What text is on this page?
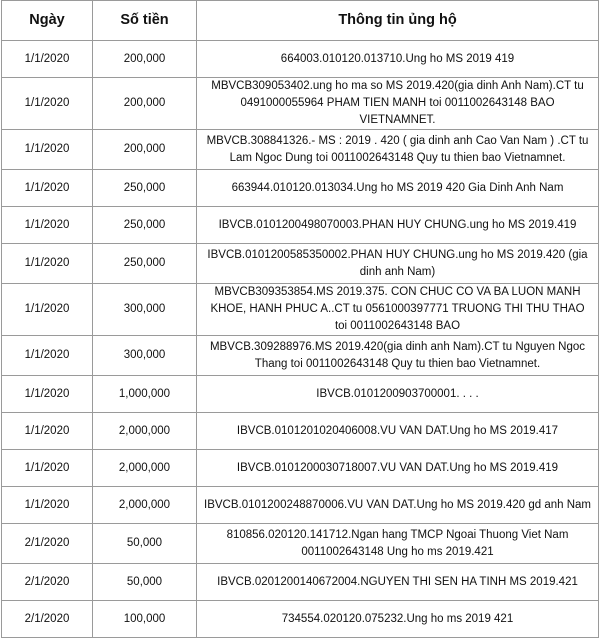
Ngày	Số tiền	Thông tin ủng hộ
1/1/2020	200,000	664003.010120.013710.Ung ho MS 2019 419
1/1/2020	200,000	MBVCB309053402.ung ho ma so MS 2019.420(gia dinh Anh Nam).CT tu 0491000055964 PHAM TIEN MANH toi 0011002643148 BAO VIETNAMNET.
1/1/2020	200,000	MBVCB.308841326.- MS : 2019 . 420 ( gia dinh anh Cao Van Nam ) .CT tu Lam Ngoc Dung toi 0011002643148 Quy tu thien bao Vietnamnet.
1/1/2020	250,000	663944.010120.013034.Ung ho MS 2019 420 Gia Dinh Anh Nam
1/1/2020	250,000	IBVCB.0101200498070003.PHAN HUY CHUNG.ung ho MS 2019.419
1/1/2020	250,000	IBVCB.0101200585350002.PHAN HUY CHUNG.ung ho MS 2019.420 (gia dinh anh Nam)
1/1/2020	300,000	MBVCB309353854.MS 2019.375. CON CHUC CO VA BA LUON MANH KHOE, HANH PHUC A..CT tu 0561000397771 TRUONG THI THU THAO toi 0011002643148 BAO
1/1/2020	300,000	MBVCB.309288976.MS 2019.420(gia dinh anh Nam).CT tu Nguyen Ngoc Thang toi 0011002643148 Quy tu thien bao Vietnamnet.
1/1/2020	1,000,000	IBVCB.0101200903700001. . . .
1/1/2020	2,000,000	IBVCB.0101201020406008.VU VAN DAT.Ung ho MS 2019.417
1/1/2020	2,000,000	IBVCB.0101200030718007.VU VAN DAT.Ung ho MS 2019.419
1/1/2020	2,000,000	IBVCB.0101200248870006.VU VAN DAT.Ung ho MS 2019.420 gd anh Nam
2/1/2020	50,000	810856.020120.141712.Ngan hang TMCP Ngoai Thuong Viet Nam 0011002643148 Ung ho ms 2019.421
2/1/2020	50,000	IBVCB.0201200140672004.NGUYEN THI SEN HA TINH MS 2019.421
2/1/2020	100,000	734554.020120.075232.Ung ho ms 2019 421
